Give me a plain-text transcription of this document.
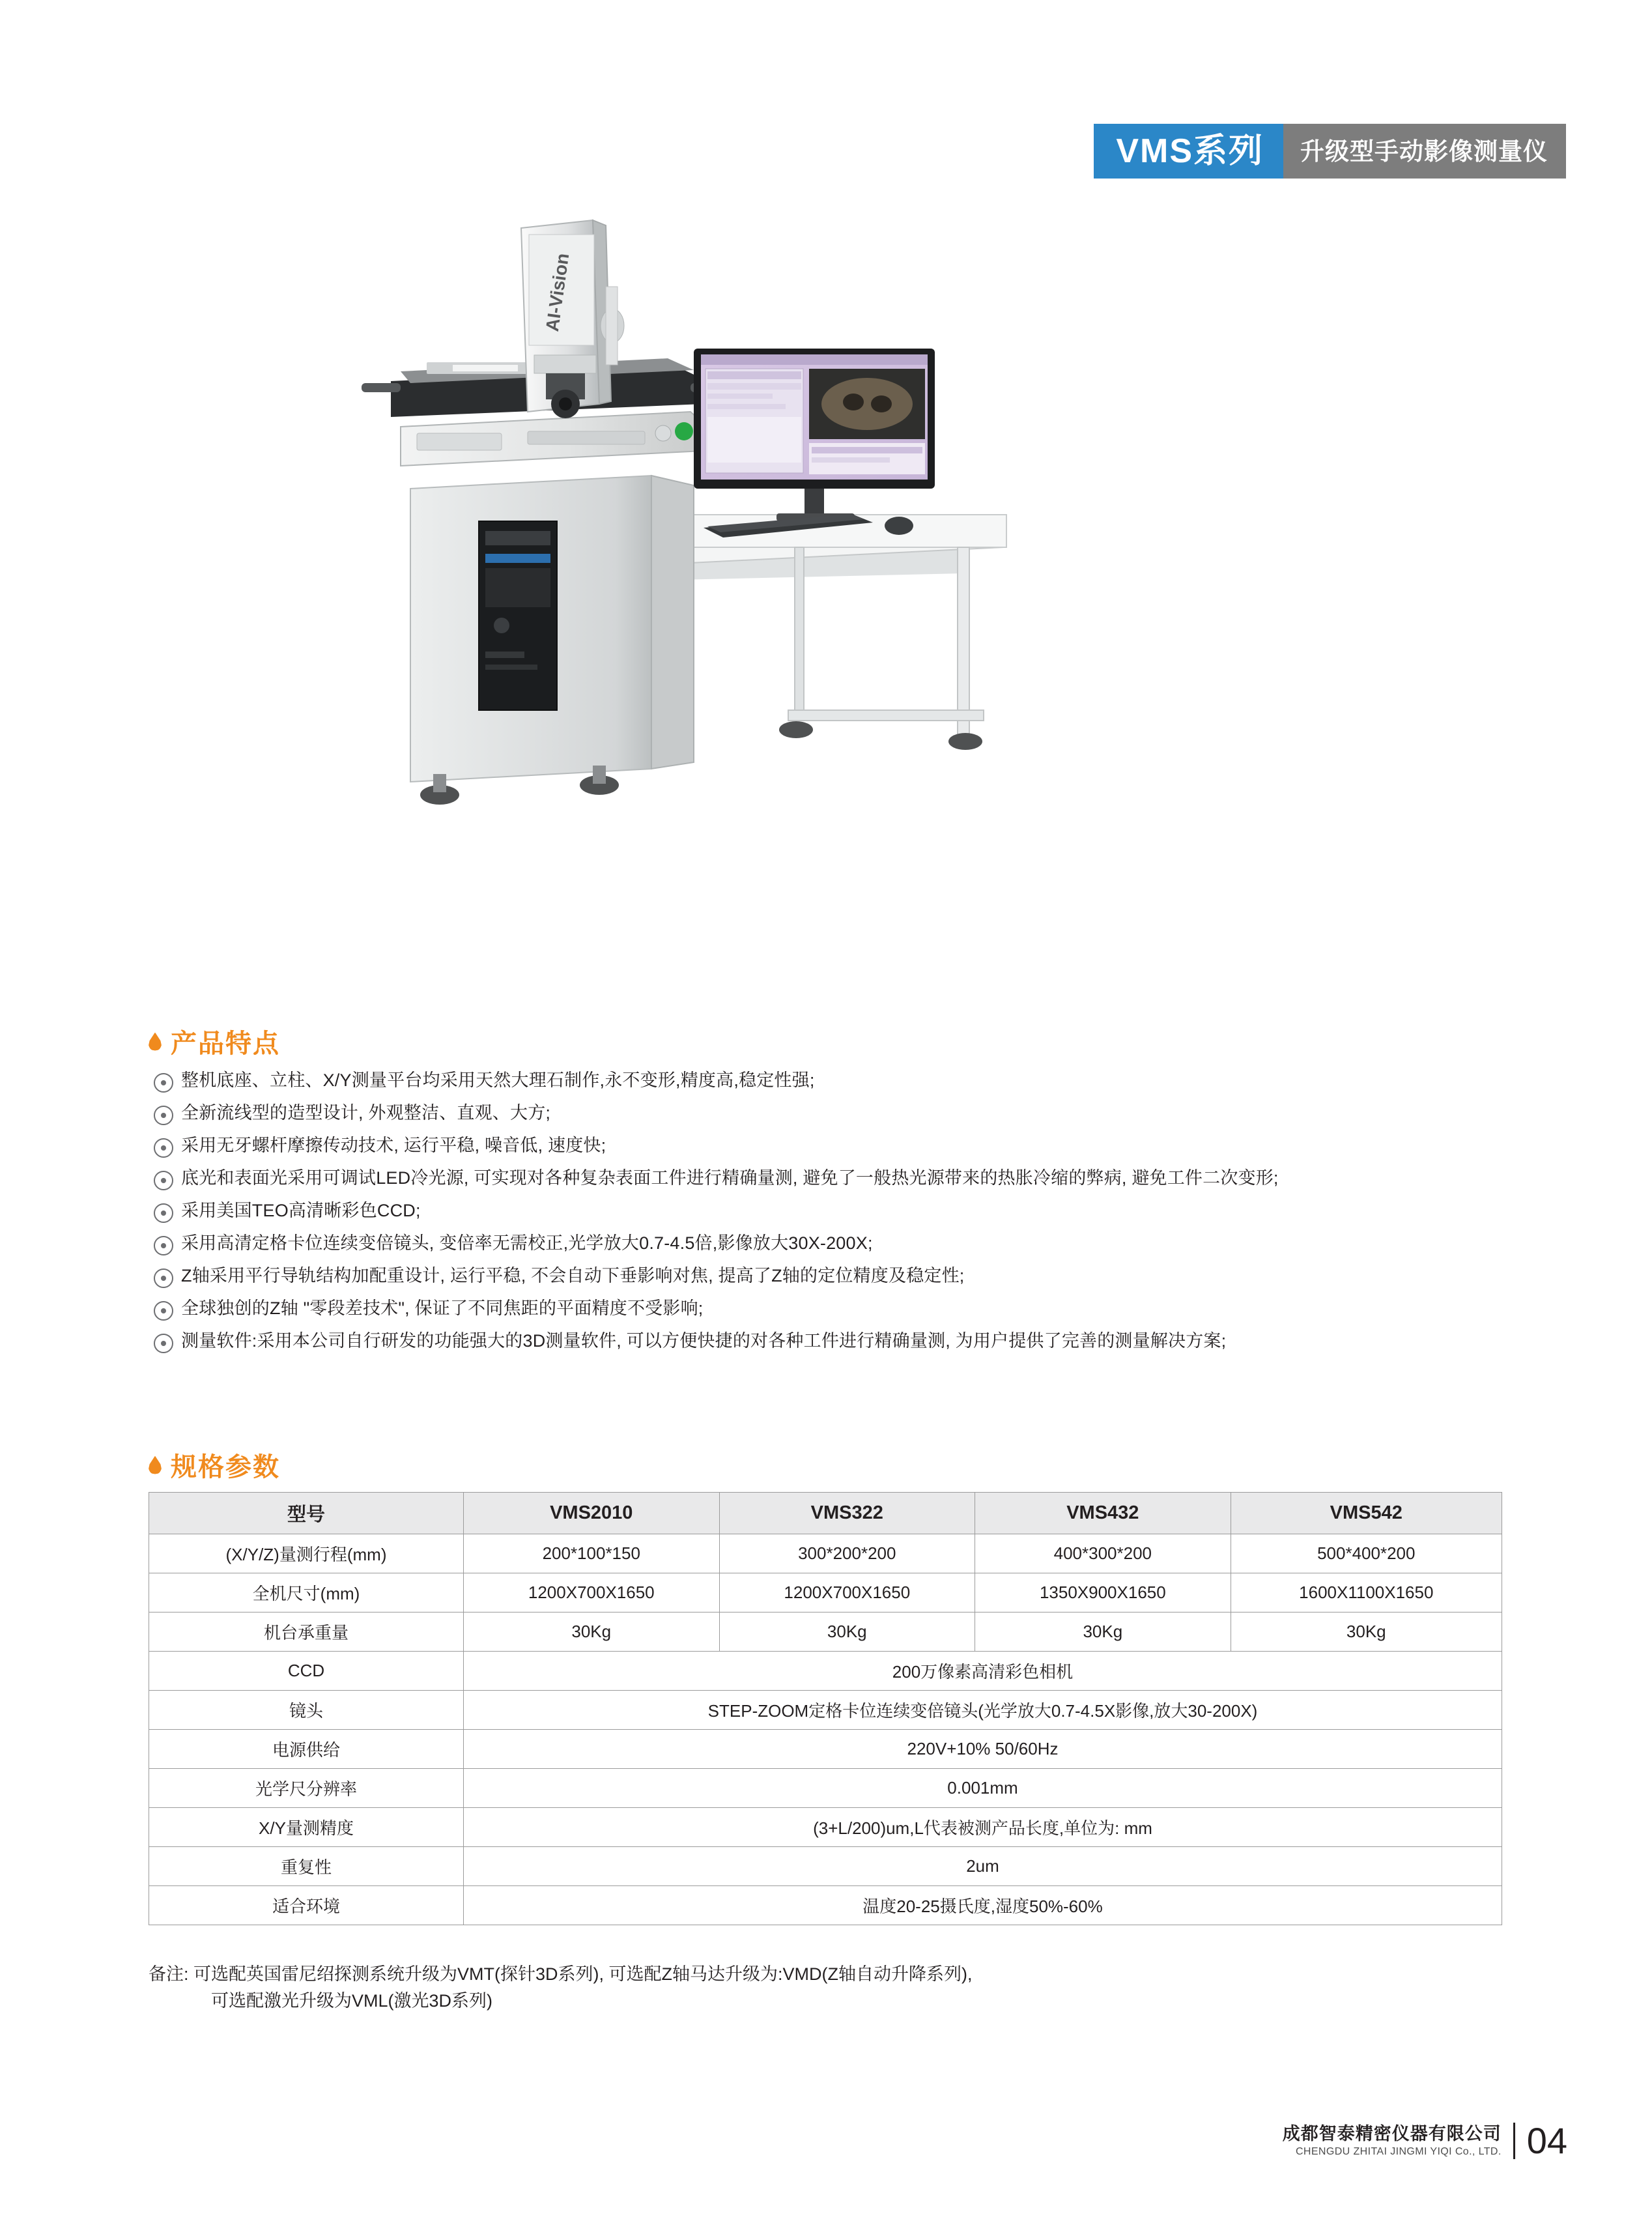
VMS系列	升级型手动影像测量仪
AI-Vision
产品特点
整机底座、立柱、X/Y测量平台均采用天然大理石制作,永不变形,精度高,稳定性强;
全新流线型的造型设计, 外观整洁、直观、大方;
采用无牙螺杆摩擦传动技术, 运行平稳, 噪音低, 速度快;
底光和表面光采用可调试LED冷光源, 可实现对各种复杂表面工件进行精确量测, 避免了一般热光源带来的热胀冷缩的弊病, 避免工件二次变形;
采用美国TEO高清晰彩色CCD;
采用高清定格卡位连续变倍镜头, 变倍率无需校正,光学放大0.7-4.5倍,影像放大30X-200X;
Z轴采用平行导轨结构加配重设计, 运行平稳, 不会自动下垂影响对焦, 提高了Z轴的定位精度及稳定性;
全球独创的Z轴 "零段差技术", 保证了不同焦距的平面精度不受影响;
测量软件:采用本公司自行研发的功能强大的3D测量软件, 可以方便快捷的对各种工件进行精确量测, 为用户提供了完善的测量解决方案;
规格参数
型号	VMS2010	VMS322	VMS432	VMS542
(X/Y/Z)量测行程(mm)	200*100*150	300*200*200	400*300*200	500*400*200
全机尺寸(mm)	1200X700X1650	1200X700X1650	1350X900X1650	1600X1100X1650
机台承重量	30Kg	30Kg	30Kg	30Kg
CCD	200万像素高清彩色相机			
镜头	STEP-ZOOM定格卡位连续变倍镜头(光学放大0.7-4.5X影像,放大30-200X)			
电源供给	220V+10% 50/60Hz			
光学尺分辨率	0.001mm			
X/Y量测精度	(3+L/200)um,L代表被测产品长度,单位为: mm			
重复性	2um			
适合环境	温度20-25摄氏度,湿度50%-60%			
备注: 可选配英国雷尼绍探测系统升级为VMT(探针3D系列), 可选配Z轴马达升级为:VMD(Z轴自动升降系列),
可选配激光升级为VML(激光3D系列)
成都智泰精密仪器有限公司
CHENGDU ZHITAI JINGMI YIQI Co., LTD. 04
